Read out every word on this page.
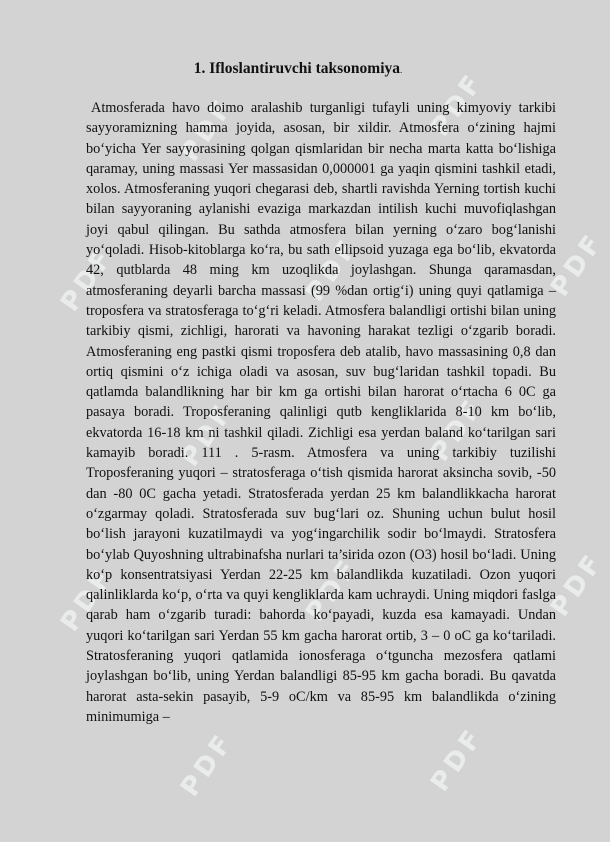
PDF	PDF
PDF	PDF	PDF
PDF	PDF
PDF	PDF	PDF
PDF	PDF
1. Ifloslantiruvchi taksonomiya.

Atmosferada havo doimo aralashib turganligi tufayli uning kimyoviy tarkibi sayyoramizning hamma joyida, asosan, bir xildir. Atmosfera o‘zining hajmi bo‘yicha Yer sayyorasining qolgan qismlaridan bir necha marta katta bo‘lishiga qaramay, uning massasi Yer massasidan 0,000001 ga yaqin qismini tashkil etadi, xolos. Atmosferaning yuqori chegarasi deb, shartli ravishda Yerning tortish kuchi bilan sayyoraning aylanishi evaziga markazdan intilish kuchi muvofiqlashgan joyi qabul qilingan. Bu sathda atmosfera bilan yerning o‘zaro bog‘lanishi yo‘qoladi. Hisob-kitoblarga ko‘ra, bu sath ellipsoid yuzaga ega bo‘lib, ekvatorda 42, qutblarda 48 ming km uzoqlikda joylashgan. Shunga qaramasdan, atmosferaning deyarli barcha massasi (99 %dan ortig‘i) uning quyi qatlamiga – troposfera va stratosferaga to‘g‘ri keladi. Atmosfera balandligi ortishi bilan uning tarkibiy qismi, zichligi, harorati va havoning harakat tezligi o‘zgarib boradi. Atmosferaning eng pastki qismi troposfera deb atalib, havo massasining 0,8 dan ortiq qismini o‘z ichiga oladi va asosan, suv bug‘laridan tashkil topadi. Bu qatlamda balandlikning har bir km ga ortishi bilan harorat o‘rtacha 6 0C ga pasaya boradi. Troposferaning qalinligi qutb kengliklarida 8-10 km bo‘lib, ekvatorda 16-18 km ni tashkil qiladi. Zichligi esa yerdan baland ko‘tarilgan sari kamayib boradi. 111 . 5-rasm. Atmosfera va uning tarkibiy tuzilishi Troposferaning yuqori – stratosferaga o‘tish qismida harorat aksincha sovib, -50 dan -80 0C gacha yetadi. Stratosferada yerdan 25 km balandlikkacha harorat o‘zgarmay qoladi. Stratosferada suv bug‘lari oz. Shuning uchun bulut hosil bo‘lish jarayoni kuzatilmaydi va yog‘ingarchilik sodir bo‘lmaydi. Stratosfera bo‘ylab Quyoshning ultrabinafsha nurlari ta’sirida ozon (O3) hosil bo‘ladi. Uning ko‘p konsentratsiyasi Yerdan 22-25 km balandlikda kuzatiladi. Ozon yuqori qalinliklarda ko‘p, o‘rta va quyi kengliklarda kam uchraydi. Uning miqdori faslga qarab ham o‘zgarib turadi: bahorda ko‘payadi, kuzda esa kamayadi. Undan yuqori ko‘tarilgan sari Yerdan 55 km gacha harorat ortib, 3 – 0 oC ga ko‘tariladi. Stratosferaning yuqori qatlamida ionosferaga o‘tguncha mezosfera qatlami joylashgan bo‘lib, uning Yerdan balandligi 85-95 km gacha boradi. Bu qavatda harorat asta-sekin pasayib, 5-9 oC/km va 85-95 km balandlikda o‘zining minimumiga –
